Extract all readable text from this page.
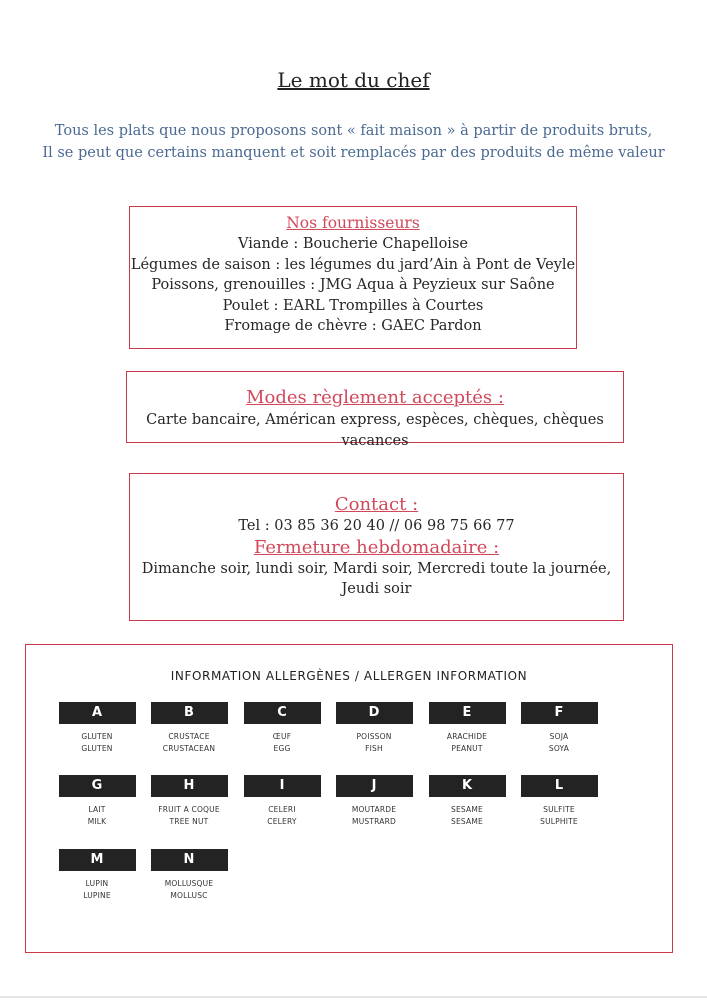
Le mot du chef
Tous les plats que nous proposons sont « fait maison » à partir de produits bruts,
Il se peut que certains manquent et soit remplacés par des produits de même valeur
Nos fournisseurs
Viande : Boucherie Chapelloise
Légumes de saison : les légumes du jard’Ain à Pont de Veyle
Poissons, grenouilles : JMG Aqua à Peyzieux sur Saône
Poulet : EARL Trompilles à Courtes
Fromage de chèvre : GAEC Pardon
Modes règlement acceptés :
Carte bancaire, Américan express, espèces, chèques, chèques vacances
Contact :
Tel : 03 85 36 20 40 // 06 98 75 66 77
Fermeture hebdomadaire :
Dimanche soir, lundi soir, Mardi soir, Mercredi toute la journée,
Jeudi soir
INFORMATION ALLERGÈNES / ALLERGEN INFORMATION
A
GLUTEN
GLUTEN
B
CRUSTACE
CRUSTACEAN
C
ŒUF
EGG
D
POISSON
FISH
E
ARACHIDE
PEANUT
F
SOJA
SOYA
G
LAIT
MILK
H
FRUIT A COQUE
TREE NUT
I
CELERI
CELERY
J
MOUTARDE
MUSTRARD
K
SESAME
SESAME
L
SULFITE
SULPHITE
M
LUPIN
LUPINE
N
MOLLUSQUE
MOLLUSC
